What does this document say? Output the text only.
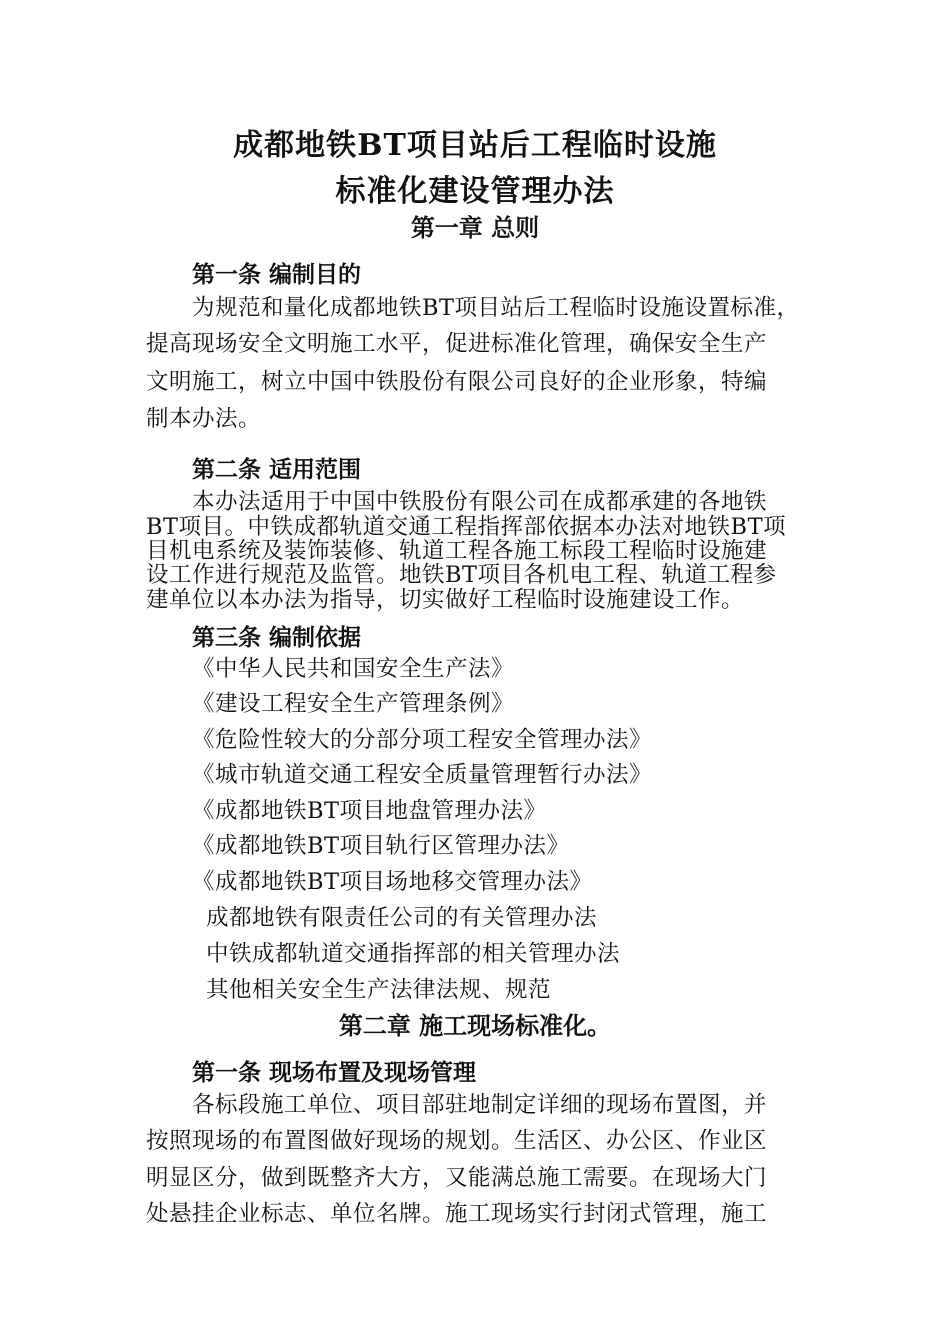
成都地铁BT项目站后工程临时设施
标准化建设管理办法
第一章 总则
第一条 编制目的
为规范和量化成都地铁BT项目站后工程临时设施设置标准，
提高现场安全文明施工水平，促进标准化管理，确保安全生产
文明施工，树立中国中铁股份有限公司良好的企业形象，特编
制本办法。
第二条 适用范围
本办法适用于中国中铁股份有限公司在成都承建的各地铁
BT项目。中铁成都轨道交通工程指挥部依据本办法对地铁BT项
目机电系统及装饰装修、轨道工程各施工标段工程临时设施建
设工作进行规范及监管。地铁BT项目各机电工程、轨道工程参
建单位以本办法为指导，切实做好工程临时设施建设工作。
第三条 编制依据
《中华人民共和国安全生产法》
《建设工程安全生产管理条例》
《危险性较大的分部分项工程安全管理办法》
《城市轨道交通工程安全质量管理暂行办法》
《成都地铁BT项目地盘管理办法》
《成都地铁BT项目轨行区管理办法》
《成都地铁BT项目场地移交管理办法》
成都地铁有限责任公司的有关管理办法
中铁成都轨道交通指挥部的相关管理办法
其他相关安全生产法律法规、规范
第二章 施工现场标准化。
第一条 现场布置及现场管理
各标段施工单位、项目部驻地制定详细的现场布置图，并
按照现场的布置图做好现场的规划。生活区、办公区、作业区
明显区分，做到既整齐大方，又能满总施工需要。在现场大门
处悬挂企业标志、单位名牌。施工现场实行封闭式管理，施工
